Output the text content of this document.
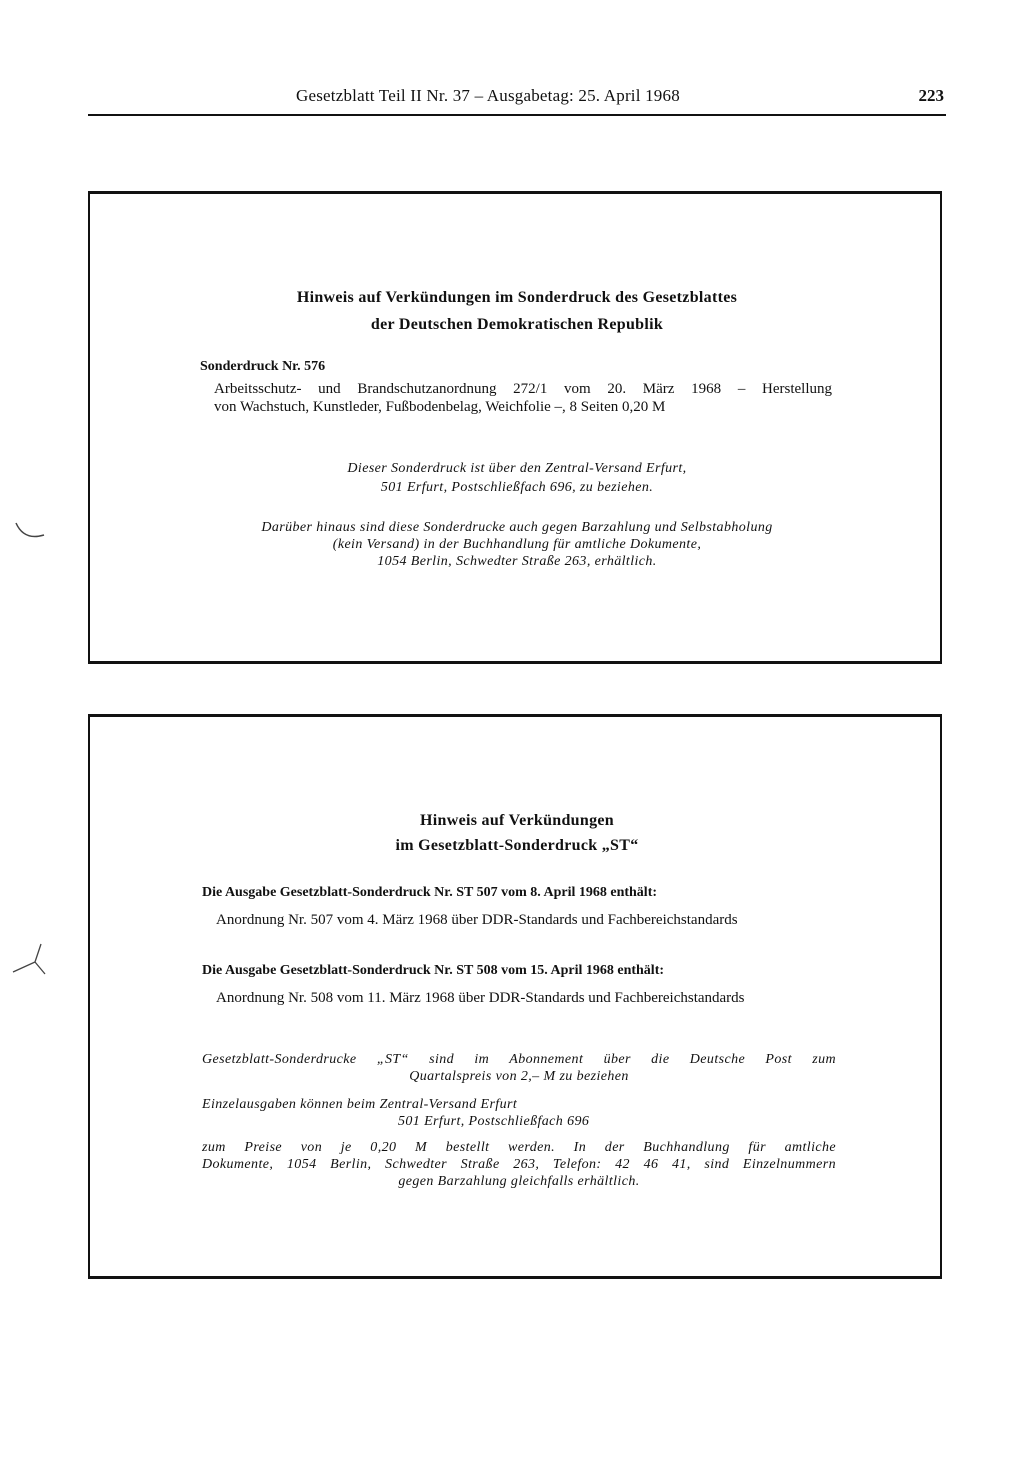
Gesetzblatt Teil II Nr. 37 – Ausgabetag: 25. April 1968	223
Hinweis auf Verkündungen im Sonderdruck des Gesetzblattes
der Deutschen Demokratischen Republik
Sonderdruck Nr. 576
Arbeitsschutz- und Brandschutzanordnung 272/1 vom 20. März 1968 – Herstellung
von Wachstuch, Kunstleder, Fußbodenbelag, Weichfolie –, 8 Seiten 0,20 M
Dieser Sonderdruck ist über den Zentral-Versand Erfurt,
501 Erfurt, Postschließfach 696, zu beziehen.
Darüber hinaus sind diese Sonderdrucke auch gegen Barzahlung und Selbstabholung
(kein Versand) in der Buchhandlung für amtliche Dokumente,
1054 Berlin, Schwedter Straße 263, erhältlich.
Hinweis auf Verkündungen
im Gesetzblatt-Sonderdruck „ST“
Die Ausgabe Gesetzblatt-Sonderdruck Nr. ST 507 vom 8. April 1968 enthält:
Anordnung Nr. 507 vom 4. März 1968 über DDR-Standards und Fachbereichstandards
Die Ausgabe Gesetzblatt-Sonderdruck Nr. ST 508 vom 15. April 1968 enthält:
Anordnung Nr. 508 vom 11. März 1968 über DDR-Standards und Fachbereichstandards
Gesetzblatt-Sonderdrucke „ST“ sind im Abonnement über die Deutsche Post zum
Quartalspreis von 2,– M zu beziehen
Einzelausgaben können beim Zentral-Versand Erfurt
501 Erfurt, Postschließfach 696
zum Preise von je 0,20 M bestellt werden. In der Buchhandlung für amtliche
Dokumente, 1054 Berlin, Schwedter Straße 263, Telefon: 42 46 41, sind Einzelnummern
gegen Barzahlung gleichfalls erhältlich.
